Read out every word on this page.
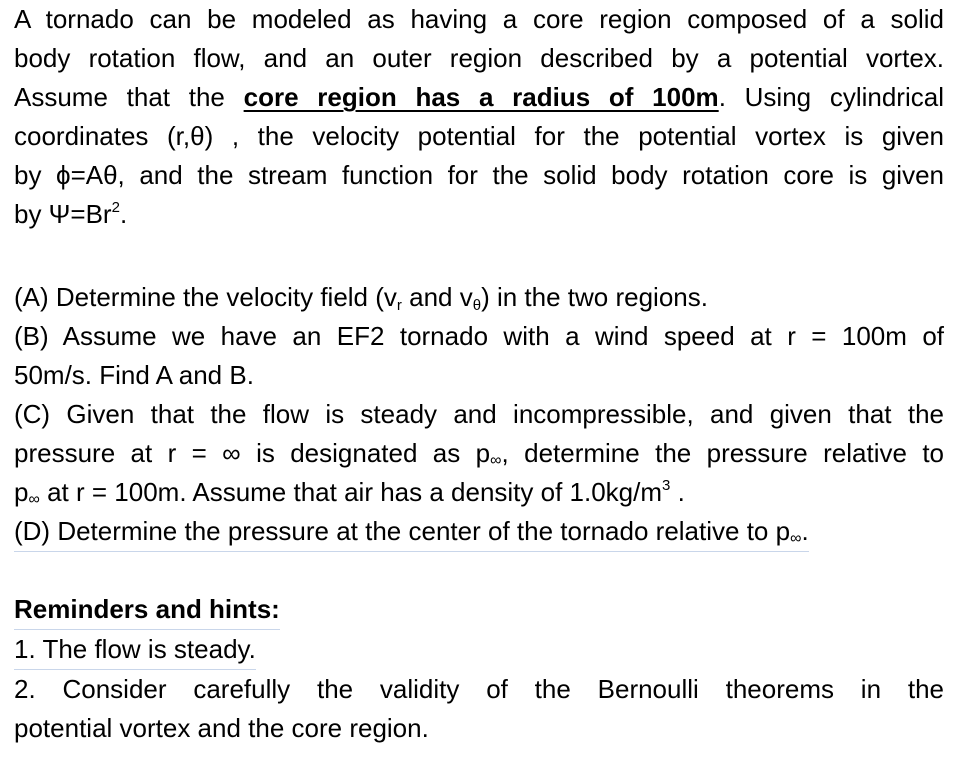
A tornado can be modeled as having a core region composed of a solid
body rotation flow, and an outer region described by a potential vortex.
Assume that the core region has a radius of 100m. Using cylindrical
coordinates (r,θ) , the velocity potential for the potential vortex is given
by ϕ=Aθ, and the stream function for the solid body rotation core is given
by $\Psi=Br^2$.

(A) Determine the velocity field ($v_r$ and $v_\theta$) in the two regions.
(B) Assume we have an EF2 tornado with a wind speed at r = 100m of
50m/s. Find A and B.
(C) Given that the flow is steady and incompressible, and given that the
pressure at r = ∞ is designated as p∞, determine the pressure relative to
p∞ at r = 100m. Assume that air has a density of $1.0kg/m^3$ .
(D) Determine the pressure at the center of the tornado relative to p∞.

Reminders and hints:
1. The flow is steady.
2. Consider carefully the validity of the Bernoulli theorems in the
potential vortex and the core region.
